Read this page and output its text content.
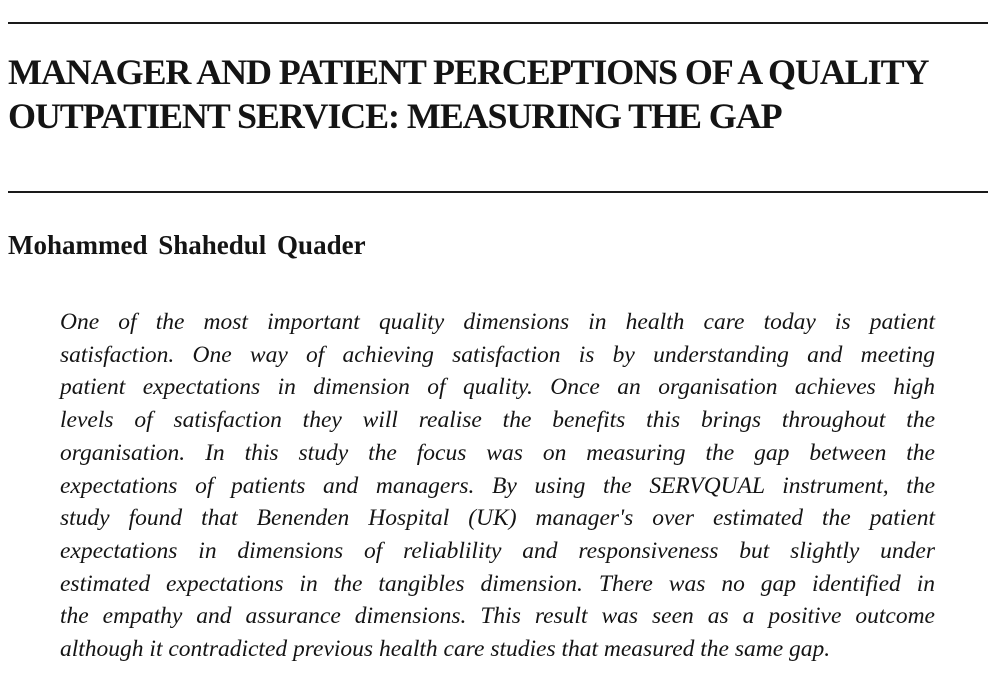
MANAGER AND PATIENT PERCEPTIONS OF A QUALITY
OUTPATIENT SERVICE: MEASURING THE GAP

Mohammed Shahedul Quader

One of the most important quality dimensions in health care today is patient
satisfaction. One way of achieving satisfaction is by understanding and meeting
patient expectations in dimension of quality. Once an organisation achieves high
levels of satisfaction they will realise the benefits this brings throughout the
organisation. In this study the focus was on measuring the gap between the
expectations of patients and managers. By using the SERVQUAL instrument, the
study found that Benenden Hospital (UK) manager's over estimated the patient
expectations in dimensions of reliablility and responsiveness but slightly under
estimated expectations in the tangibles dimension. There was no gap identified in
the empathy and assurance dimensions. This result was seen as a positive outcome
although it contradicted previous health care studies that measured the same gap.
